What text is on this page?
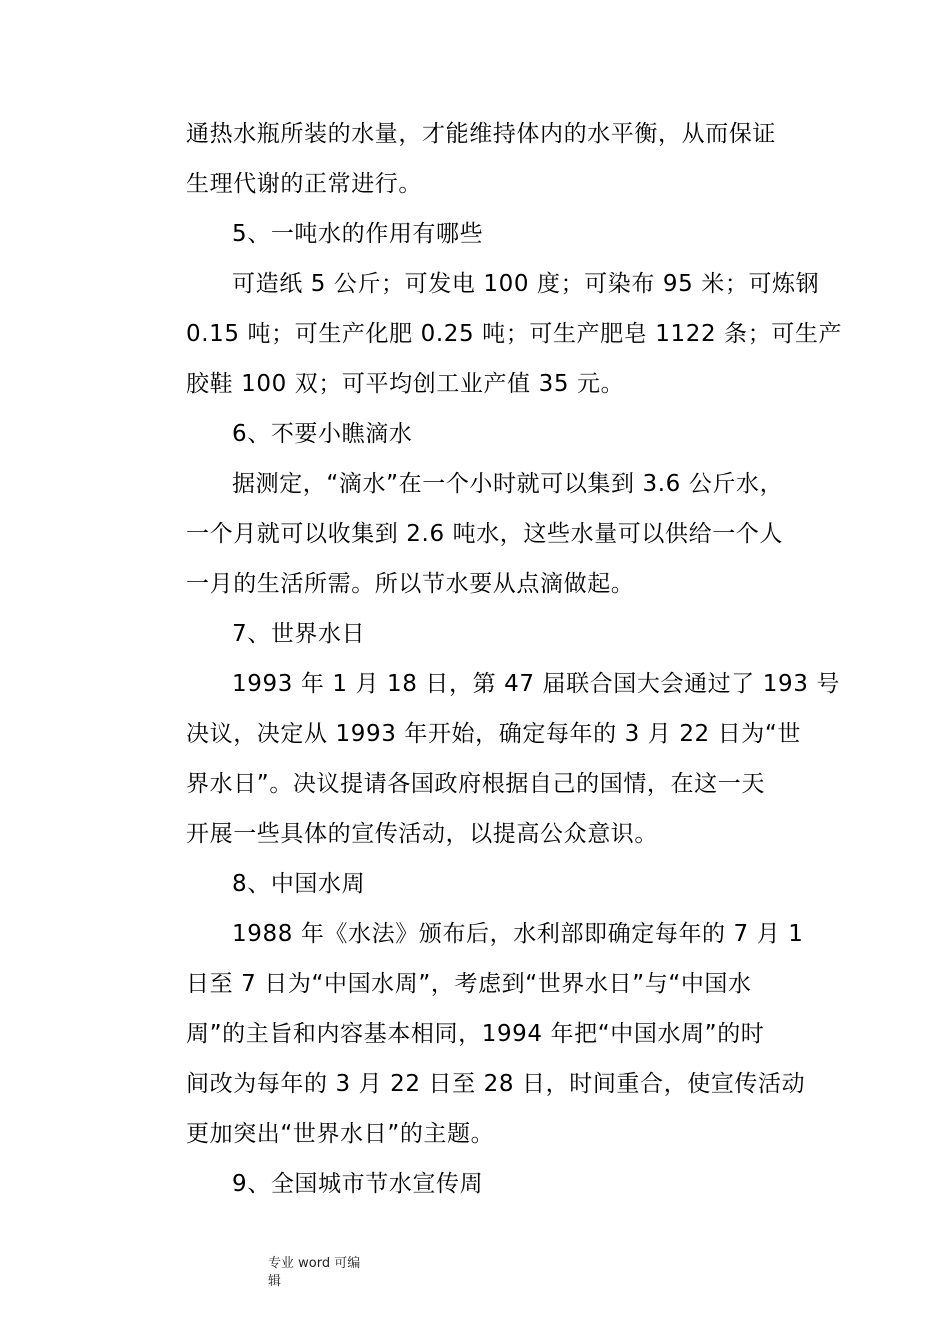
通热水瓶所装的水量，才能维持体内的水平衡，从而保证
生理代谢的正常进行。
5、一吨水的作用有哪些
可造纸 5 公斤；可发电 100 度；可染布 95 米；可炼钢
0.15 吨；可生产化肥 0.25 吨；可生产肥皂 1122 条；可生产
胶鞋 100 双；可平均创工业产值 35 元。
6、不要小瞧滴水
据测定，“滴水”在一个小时就可以集到 3.6 公斤水，
一个月就可以收集到 2.6 吨水，这些水量可以供给一个人
一月的生活所需。所以节水要从点滴做起。
7、世界水日
1993 年 1 月 18 日，第 47 届联合国大会通过了 193 号
决议，决定从 1993 年开始，确定每年的 3 月 22 日为“世
界水日”。决议提请各国政府根据自己的国情，在这一天
开展一些具体的宣传活动，以提高公众意识。
8、中国水周
1988 年《水法》颁布后，水利部即确定每年的 7 月 1
日至 7 日为“中国水周”，考虑到“世界水日”与“中国水
周”的主旨和内容基本相同，1994 年把“中国水周”的时
间改为每年的 3 月 22 日至 28 日，时间重合，使宣传活动
更加突出“世界水日”的主题。
9、全国城市节水宣传周
专业 word 可编
辑
